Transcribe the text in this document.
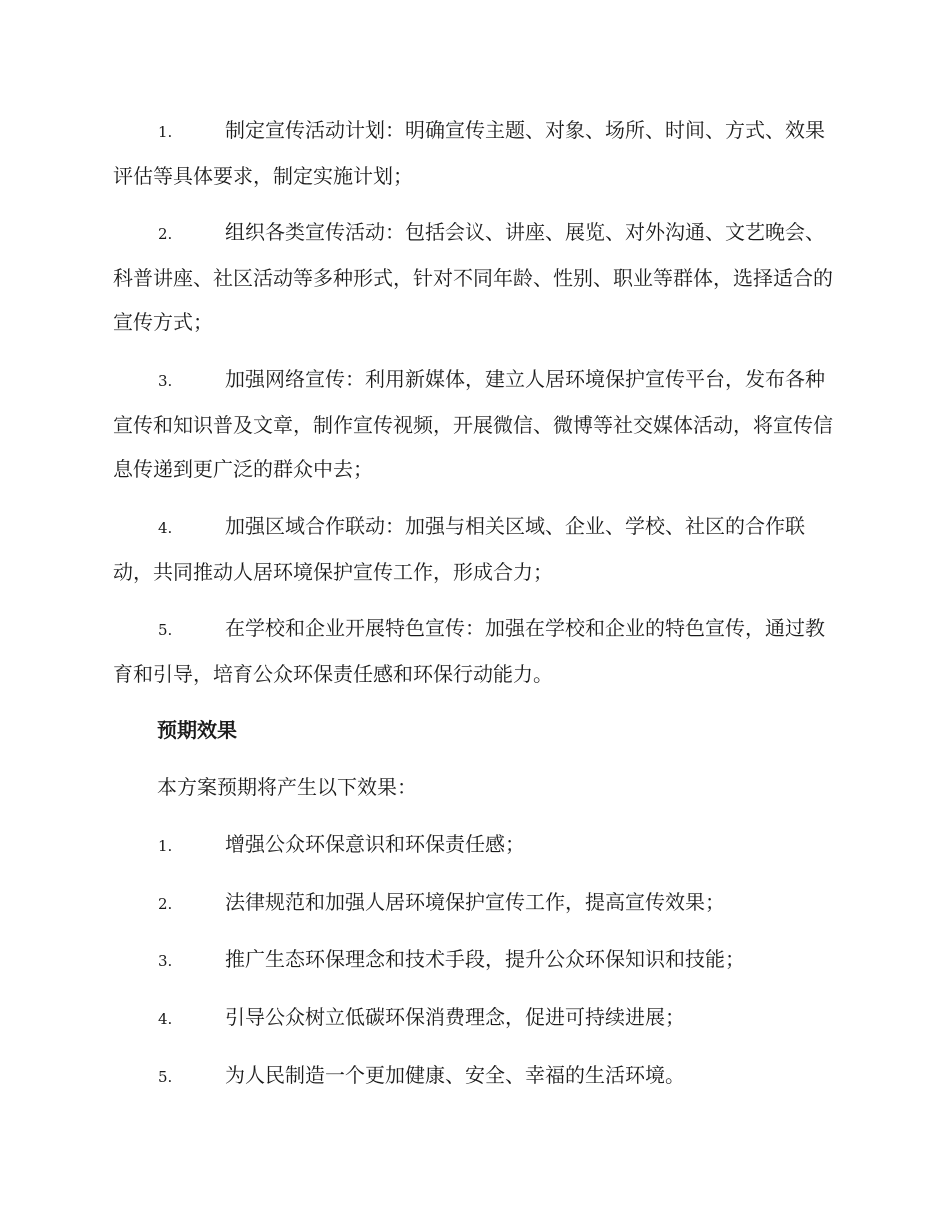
1.	制定宣传活动计划：明确宣传主题、对象、场所、时间、方式、效果评估等具体要求，制定实施计划；
2.	组织各类宣传活动：包括会议、讲座、展览、对外沟通、文艺晚会、科普讲座、社区活动等多种形式，针对不同年龄、性别、职业等群体，选择适合的宣传方式；
3.	加强网络宣传：利用新媒体，建立人居环境保护宣传平台，发布各种宣传和知识普及文章，制作宣传视频，开展微信、微博等社交媒体活动，将宣传信息传递到更广泛的群众中去；
4.	加强区域合作联动：加强与相关区域、企业、学校、社区的合作联动，共同推动人居环境保护宣传工作，形成合力；
5.	在学校和企业开展特色宣传：加强在学校和企业的特色宣传，通过教育和引导，培育公众环保责任感和环保行动能力。
预期效果
本方案预期将产生以下效果：
1.	增强公众环保意识和环保责任感；
2.	法律规范和加强人居环境保护宣传工作，提高宣传效果；
3.	推广生态环保理念和技术手段，提升公众环保知识和技能；
4.	引导公众树立低碳环保消费理念，促进可持续进展；
5.	为人民制造一个更加健康、安全、幸福的生活环境。
